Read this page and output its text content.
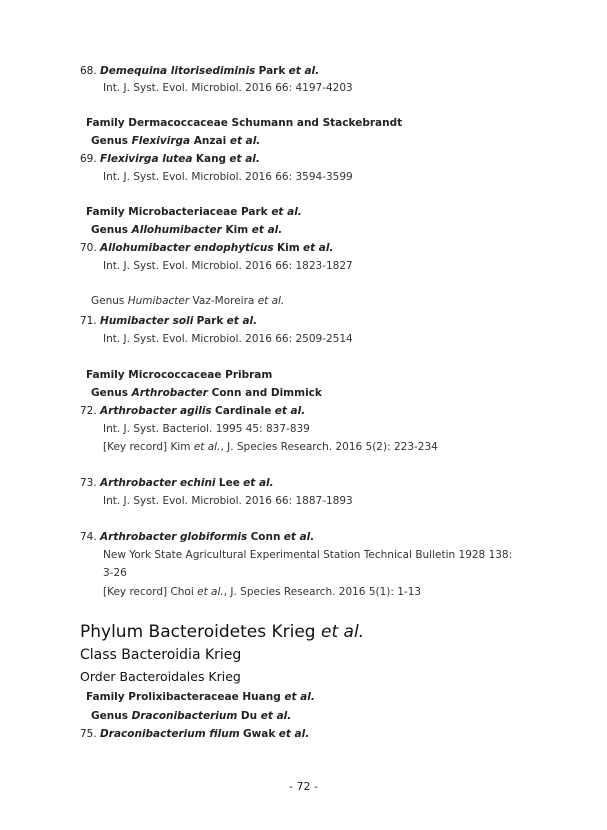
68. Demequina litorisediminis Park et al.
Int. J. Syst. Evol. Microbiol. 2016 66: 4197-4203
Family Dermacoccaceae Schumann and Stackebrandt
Genus Flexivirga Anzai et al.
69. Flexivirga lutea Kang et al.
Int. J. Syst. Evol. Microbiol. 2016 66: 3594-3599
Family Microbacteriaceae Park et al.
Genus Allohumibacter Kim et al.
70. Allohumibacter endophyticus Kim et al.
Int. J. Syst. Evol. Microbiol. 2016 66: 1823-1827
Genus Humibacter Vaz-Moreira et al.
71. Humibacter soli Park et al.
Int. J. Syst. Evol. Microbiol. 2016 66: 2509-2514
Family Micrococcaceae Pribram
Genus Arthrobacter Conn and Dimmick
72. Arthrobacter agilis Cardinale et al.
Int. J. Syst. Bacteriol. 1995 45: 837-839
[Key record] Kim et al., J. Species Research. 2016 5(2): 223-234
73. Arthrobacter echini Lee et al.
Int. J. Syst. Evol. Microbiol. 2016 66: 1887-1893
74. Arthrobacter globiformis Conn et al.
New York State Agricultural Experimental Station Technical Bulletin 1928 138:
3-26
[Key record] Choi et al., J. Species Research. 2016 5(1): 1-13
Phylum Bacteroidetes Krieg et al.
Class Bacteroidia Krieg
Order Bacteroidales Krieg
Family Prolixibacteraceae Huang et al.
Genus Draconibacterium Du et al.
75. Draconibacterium filum Gwak et al.
- 72 -
